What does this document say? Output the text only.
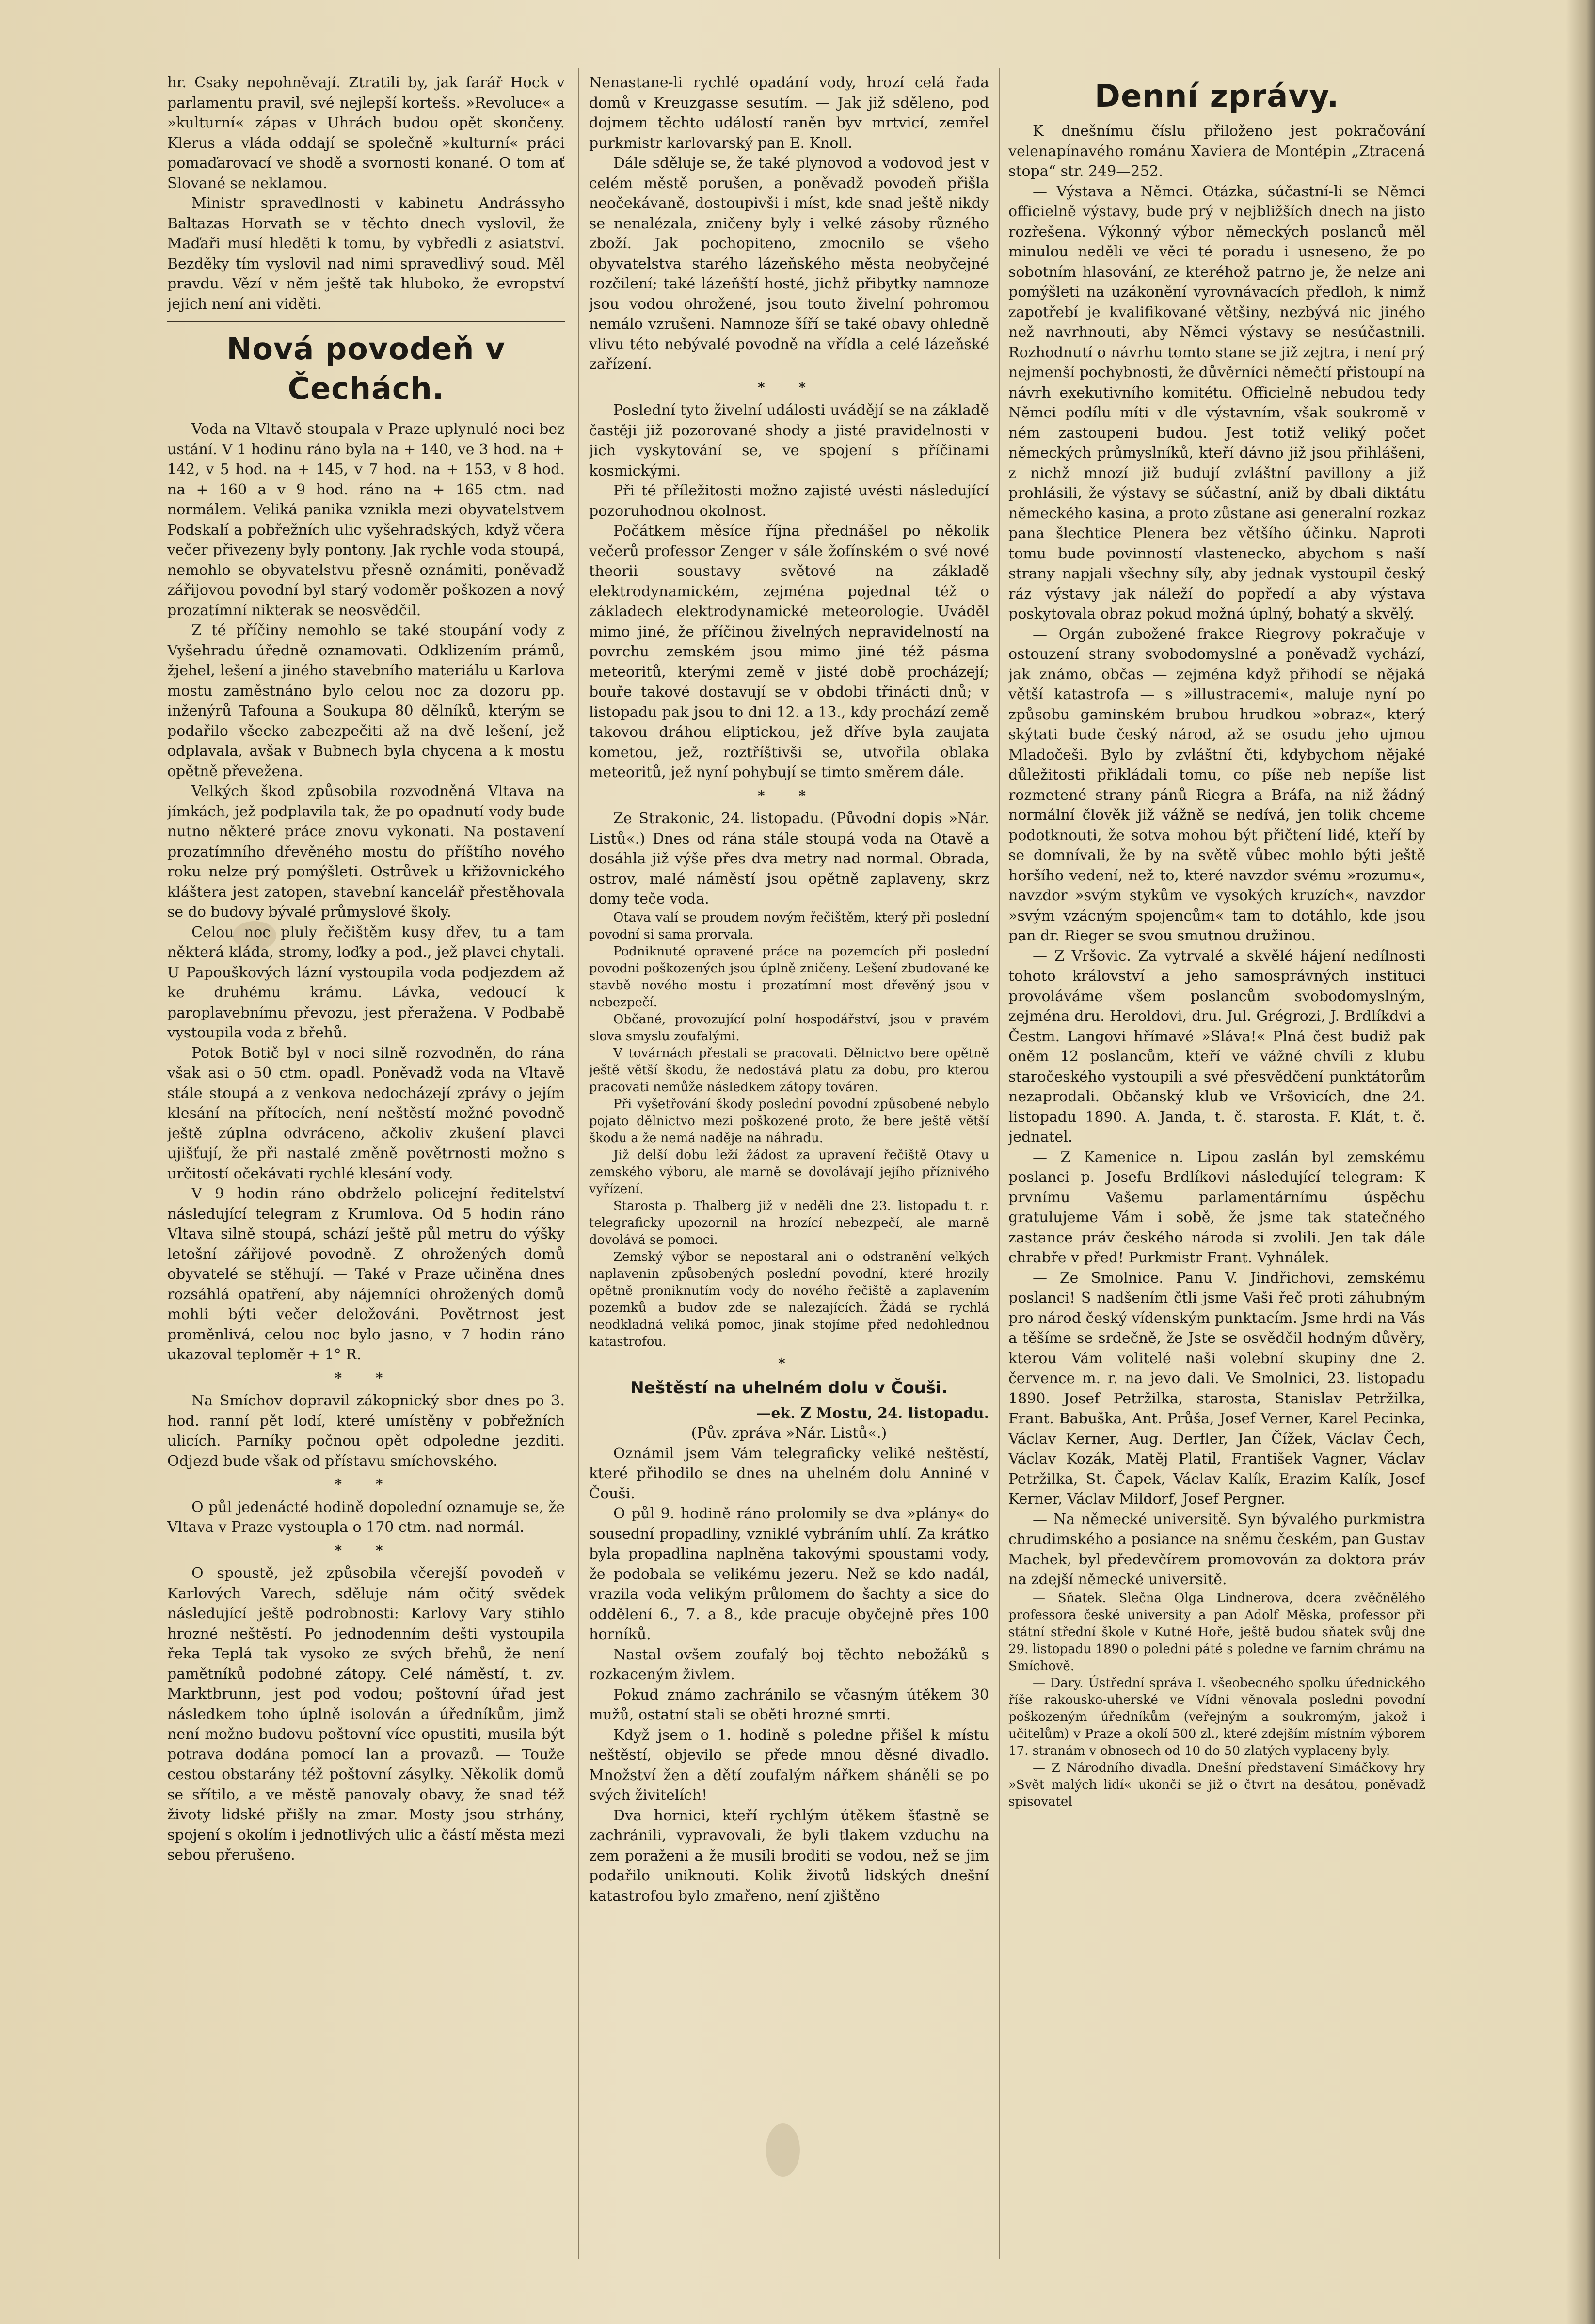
hr. Csaky nepohněvají. Ztratili by, jak farář Hock v parlamentu pravil, své nejlepší kortešs. »Revoluce« a »kulturní« zápas v Uhrách budou opět skončeny. Klerus a vláda oddají se společně »kulturní« práci pomaďarovací ve shodě a svornosti konané. O tom ať Slované se neklamou.

Ministr spravedlnosti v kabinetu Andrássyho Baltazas Horvath se v těchto dnech vyslovil, že Maďaři musí hleděti k tomu, by vybředli z asiatství. Bezděky tím vyslovil nad nimi spravedlivý soud. Měl pravdu. Vězí v něm ještě tak hluboko, že evropství jejich není ani viděti.

Nová povodeň v Čechách.

Voda na Vltavě stoupala v Praze uplynulé noci bez ustání. V 1 hodinu ráno byla na + 140, ve 3 hod. na + 142, v 5 hod. na + 145, v 7 hod. na + 153, v 8 hod. na + 160 a v 9 hod. ráno na + 165 ctm. nad normálem. Veliká panika vznikla mezi obyvatelstvem Podskalí a pobřežních ulic vyšehradských, když včera večer přivezeny byly pontony. Jak rychle voda stoupá, nemohlo se obyvatelstvu přesně oznámiti, poněvadž zářijovou povodní byl starý vodoměr poškozen a nový prozatímní nikterak se neosvědčil.

Z té příčiny nemohlo se také stoupání vody z Vyšehradu úředně oznamovati. Odklizením prámů, žjehel, lešení a jiného stavebního materiálu u Karlova mostu zaměstnáno bylo celou noc za dozoru pp. inženýrů Tafouna a Soukupa 80 dělníků, kterým se podařilo všecko zabezpečiti až na dvě lešení, jež odplavala, avšak v Bubnech byla chycena a k mostu opětně převežena.

Velkých škod způsobila rozvodněná Vltava na jímkách, jež podplavila tak, že po opadnutí vody bude nutno některé práce znovu vykonati. Na postavení prozatímního dřevěného mostu do příštího nového roku nelze prý pomýšleti. Ostrůvek u křižovnického kláštera jest zatopen, stavební kancelář přestěhovala se do budovy bývalé průmyslové školy.

Celou noc pluly řečištěm kusy dřev, tu a tam některá kláda, stromy, loďky a pod., jež plavci chytali. U Papouškových lázní vystoupila voda podjezdem až ke druhému krámu. Lávka, vedoucí k paroplavebnímu převozu, jest přeražena. V Podbabě vystoupila voda z břehů.

Potok Botič byl v noci silně rozvodněn, do rána však asi o 50 ctm. opadl. Poněvadž voda na Vltavě stále stoupá a z venkova nedocházejí zprávy o jejím klesání na přítocích, není neštěstí možné povodně ještě zúplna odvráceno, ačkoliv zkušení plavci ujišťují, že při nastalé změně povětrnosti možno s určitostí očekávati rychlé klesání vody.

V 9 hodin ráno obdrželo policejní ředitelství následující telegram z Krumlova. Od 5 hodin ráno Vltava silně stoupá, schází ještě půl metru do výšky letošní zářijové povodně. Z ohrožených domů obyvatelé se stěhují. — Také v Praze učiněna dnes rozsáhlá opatření, aby nájemníci ohrožených domů mohli býti večer deložováni. Povětrnost jest proměnlivá, celou noc bylo jasno, v 7 hodin ráno ukazoval teploměr + 1° R.

* *

Na Smíchov dopravil zákopnický sbor dnes po 3. hod. ranní pět lodí, které umístěny v pobřežních ulicích. Parníky počnou opět odpoledne jezditi. Odjezd bude však od přístavu smíchovského.

* *

O půl jedenácté hodině dopolední oznamuje se, že Vltava v Praze vystoupla o 170 ctm. nad normál.

* *

O spoustě, jež způsobila včerejší povodeň v Karlových Varech, sděluje nám očitý svědek následující ještě podrobnosti: Karlovy Vary stihlo hrozné neštěstí. Po jednodenním dešti vystoupila řeka Teplá tak vysoko ze svých břehů, že není pamětníků podobné zátopy. Celé náměstí, t. zv. Marktbrunn, jest pod vodou; poštovní úřad jest následkem toho úplně isolován a úředníkům, jimž není možno budovu poštovní více opustiti, musila být potrava dodána pomocí lan a provazů. — Touže cestou obstarány též poštovní zásylky. Několik domů se sřítilo, a ve městě panovaly obavy, že snad též životy lidské přišly na zmar. Mosty jsou strhány, spojení s okolím i jednotlivých ulic a částí města mezi sebou přerušeno.

Nenastane-li rychlé opadání vody, hrozí celá řada domů v Kreuzgasse sesutím. — Jak již sděleno, pod dojmem těchto událostí raněn byv mrtvicí, zemřel purkmistr karlovarský pan E. Knoll.

Dále sděluje se, že také plynovod a vodovod jest v celém městě porušen, a poněvadž povodeň přišla neočekávaně, dostoupivši i míst, kde snad ještě nikdy se nenalézala, zničeny byly i velké zásoby různého zboží. Jak pochopiteno, zmocnilo se všeho obyvatelstva starého lázeňského města neobyčejné rozčilení; také lázeňští hosté, jichž přibytky namnoze jsou vodou ohrožené, jsou touto živelní pohromou nemálo vzrušeni. Namnoze šíří se také obavy ohledně vlivu této nebývalé povodně na vřídla a celé lázeňské zařízení.

* *

Poslední tyto živelní události uvádějí se na základě častěji již pozorované shody a jisté pravidelnosti v jich vyskytování se, ve spojení s příčinami kosmickými.

Při té příležitosti možno zajisté uvésti následující pozoruhodnou okolnost.

Počátkem měsíce října přednášel po několik večerů professor Zenger v sále žofínském o své nové theorii soustavy světové na základě elektrodynamickém, zejména pojednal též o základech elektrodynamické meteorologie. Uváděl mimo jiné, že příčinou živelných nepravidelností na povrchu zemském jsou mimo jiné též pásma meteoritů, kterými země v jisté době procházejí; bouře takové dostavují se v obdobi třinácti dnů; v listopadu pak jsou to dni 12. a 13., kdy prochází země takovou dráhou eliptickou, jež dříve byla zaujata kometou, jež, roztříštivši se, utvořila oblaka meteoritů, jež nyní pohybují se timto směrem dále.

* *

Ze Strakonic, 24. listopadu. (Původní dopis »Nár. Listů«.) Dnes od rána stále stoupá voda na Otavě a dosáhla již výše přes dva metry nad normal. Obrada, ostrov, malé náměstí jsou opětně zaplaveny, skrz domy teče voda.

Otava valí se proudem novým řečištěm, který při poslední povodní si sama prorvala.

Podniknuté opravené práce na pozemcích při poslední povodni poškozených jsou úplně zničeny. Lešení zbudované ke stavbě nového mostu i prozatímní most dřevěný jsou v nebezpečí.

Občané, provozující polní hospodářství, jsou v pravém slova smyslu zoufalými.

V továrnách přestali se pracovati. Dělnictvo bere opětně ještě větší škodu, že nedostává platu za dobu, pro kterou pracovati nemůže následkem zátopy továren.

Při vyšetřování škody poslední povodní způsobené nebylo pojato dělnictvo mezi poškozené proto, že bere ještě větší škodu a že nemá naděje na náhradu.

Již delší dobu leží žádost za upravení řečiště Otavy u zemského výboru, ale marně se dovolávají jejího příznivého vyřízení.

Starosta p. Thalberg již v neděli dne 23. listopadu t. r. telegraficky upozornil na hrozící nebezpečí, ale marně dovolává se pomoci.

Zemský výbor se nepostaral ani o odstranění velkých naplavenin způsobených poslední povodní, které hrozily opětně proniknutím vody do nového řečiště a zaplavením pozemků a budov zde se nalezajících. Žádá se rychlá neodkladná veliká pomoc, jinak stojíme před nedohlednou katastrofou.

*
Neštěstí na uhelném dolu v Čouši.
—ek. Z Mostu, 24. listopadu.
(Pův. zpráva »Nár. Listů«.)

Oznámil jsem Vám telegraficky veliké neštěstí, které přihodilo se dnes na uhelném dolu Anniné v Čouši.

O půl 9. hodině ráno prolomily se dva »plány« do sousední propadliny, vzniklé vybráním uhlí. Za krátko byla propadlina naplněna takovými spoustami vody, že podobala se velikému jezeru. Než se kdo nadál, vrazila voda velikým průlomem do šachty a sice do oddělení 6., 7. a 8., kde pracuje obyčejně přes 100 horníků.

Nastal ovšem zoufalý boj těchto nebožáků s rozkaceným živlem.

Pokud známo zachránilo se včasným útěkem 30 mužů, ostatní stali se oběti hrozné smrti.

Když jsem o 1. hodině s poledne přišel k místu neštěstí, objevilo se přede mnou děsné divadlo. Množství žen a dětí zoufalým nářkem sháněli se po svých živitelích!

Dva hornici, kteří rychlým útěkem šťastně se zachránili, vypravovali, že byli tlakem vzduchu na zem poraženi a že musili broditi se vodou, než se jim podařilo uniknouti. Kolik životů lidských dnešní katastrofou bylo zmařeno, není zjištěno

Denní zprávy.

K dnešnímu číslu přiloženo jest pokračování velenapínavého románu Xaviera de Montépin „Ztracená stopa“ str. 249—252.

— Výstava a Němci. Otázka, súčastní-li se Němci officielně výstavy, bude prý v nejbližších dnech na jisto rozřešena. Výkonný výbor německých poslanců měl minulou neděli ve věci té poradu i usneseno, že po sobotním hlasování, ze kteréhož patrno je, že nelze ani pomýšleti na uzákonění vyrovnávacích předloh, k nimž zapotřebí je kvalifikované většiny, nezbývá nic jiného než navrhnouti, aby Němci výstavy se nesúčastnili. Rozhodnutí o návrhu tomto stane se již zejtra, i není prý nejmenší pochybnosti, že důvěrníci němečtí přistoupí na návrh exekutivního komitétu. Officielně nebudou tedy Němci podílu míti v dle výstavním, však soukromě v ném zastoupeni budou. Jest totiž veliký počet německých průmyslníků, kteří dávno již jsou přihlášeni, z nichž mnozí již budují zvláštní pavillony a již prohlásili, že výstavy se súčastní, aniž by dbali diktátu německého kasina, a proto zůstane asi generalní rozkaz pana šlechtice Plenera bez většího účinku. Naproti tomu bude povinností vlastenecko, abychom s naší strany napjali všechny síly, aby jednak vystoupil český ráz výstavy jak náleží do popředí a aby výstava poskytovala obraz pokud možná úplný, bohatý a skvělý.

— Orgán zubožené frakce Riegrovy pokračuje v ostouzení strany svobodomyslné a poněvadž vychází, jak známo, občas — zejména když přihodí se nějaká větší katastrofa — s »illustracemi«, maluje nyní po způsobu gaminském brubou hrudkou »obraz«, který skýtati bude český národ, až se osudu jeho ujmou Mladočeši. Bylo by zvláštní čti, kdybychom nějaké důležitosti přikládali tomu, co píše neb nepíše list rozmetené strany pánů Riegra a Bráfa, na niž žádný normální člověk již vážně se nedívá, jen tolik chceme podotknouti, že sotva mohou být přičtení lidé, kteří by se domnívali, že by na světě vůbec mohlo býti ještě horšího vedení, než to, které navzdor svému »rozumu«, navzdor »svým stykům ve vysokých kruzích«, navzdor »svým vzácným spojencům« tam to dotáhlo, kde jsou pan dr. Rieger se svou smutnou družinou.

— Z Vršovic. Za vytrvalé a skvělé hájení nedílnosti tohoto království a jeho samosprávných instituci provoláváme všem poslancům svobodomyslným, zejména dru. Heroldovi, dru. Jul. Grégrozi, J. Brdlíkdvi a Čestm. Langovi hřímavé »Sláva!« Plná čest budiž pak oněm 12 poslancům, kteří ve vážné chvíli z klubu staročeského vystoupili a své přesvědčení punktátorům nezaprodali. Občanský klub ve Vršovicích, dne 24. listopadu 1890. A. Janda, t. č. starosta. F. Klát, t. č. jednatel.

— Z Kamenice n. Lipou zaslán byl zemskému poslanci p. Josefu Brdlíkovi následující telegram: K prvnímu Vašemu parlamentárnímu úspěchu gratulujeme Vám i sobě, že jsme tak statečného zastance práv českého národa si zvolili. Jen tak dále chrabře v před! Purkmistr Frant. Vyhnálek.

— Ze Smolnice. Panu V. Jindřichovi, zemskému poslanci! S nadšením čtli jsme Vaši řeč proti záhubným pro národ český vídenským punktacím. Jsme hrdi na Vás a těšíme se srdečně, že Jste se osvědčil hodným důvěry, kterou Vám volitelé naši volební skupiny dne 2. července m. r. na jevo dali. Ve Smolnici, 23. listopadu 1890. Josef Petržilka, starosta, Stanislav Petržilka, Frant. Babuška, Ant. Průša, Josef Verner, Karel Pecinka, Václav Kerner, Aug. Derfler, Jan Čížek, Václav Čech, Václav Kozák, Matěj Platil, František Vagner, Václav Petržilka, St. Čapek, Václav Kalík, Erazim Kalík, Josef Kerner, Václav Mildorf, Josef Pergner.

— Na německé universitě. Syn bývalého purkmistra chrudimského a posiance na sněmu českém, pan Gustav Machek, byl předevčírem promovován za doktora práv na zdejší německé universitě.

— Sňatek. Slečna Olga Lindnerova, dcera zvěčnělého professora české university a pan Adolf Měska, professor při státní střední škole v Kutné Hoře, ještě budou sňatek svůj dne 29. listopadu 1890 o poledni páté s poledne ve farním chrámu na Smíchově.

— Dary. Ústřední správa I. všeobecného spolku úřednického říše rakousko-uherské ve Vídni věnovala posledni povodní poškozeným úředníkům (veřejným a soukromým, jakož i učitelům) v Praze a okolí 500 zl., které zdejším místním výborem 17. stranám v obnosech od 10 do 50 zlatých vyplaceny byly.

— Z Národního divadla. Dnešní představení Simáčkovy hry »Svět malých lidí« ukončí se již o čtvrt na desátou, poněvadž spisovatel
